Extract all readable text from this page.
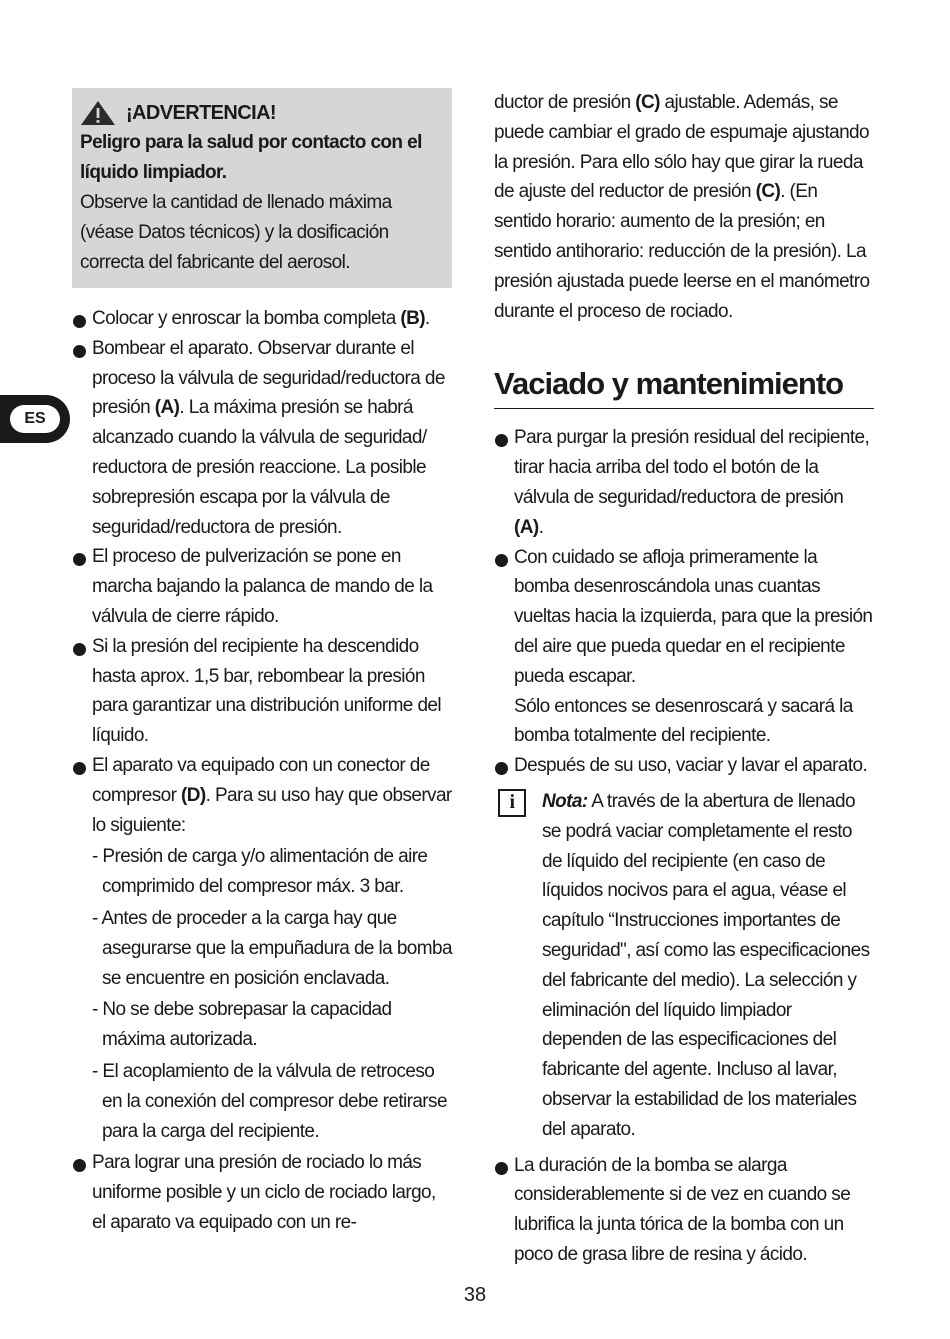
ES
¡ADVERTENCIA!
Peligro para la salud por contacto con el líquido limpiador.
Observe la cantidad de llenado máxima (véase Datos técnicos) y la dosificación correcta del fabricante del aerosol.
Colocar y enroscar la bomba completa (B).
Bombear el aparato. Observar durante el proceso la válvula de seguridad/reductora de presión (A). La máxima presión se habrá alcanzado cuando la válvula de seguridad/ reductora de presión reaccione. La posible sobrepresión escapa por la válvula de seguridad/reductora de presión.
El proceso de pulverización se pone en marcha bajando la palanca de mando de la válvula de cierre rápido.
Si la presión del recipiente ha descendido hasta aprox. 1,5 bar, rebombear la presión para garantizar una distribución uniforme del líquido.
El aparato va equipado con un conector de compresor (D). Para su uso hay que observar lo siguiente:
- Presión de carga y/o alimentación de aire comprimido del compresor máx. 3 bar.
- Antes de proceder a la carga hay que asegurarse que la empuñadura de la bomba se encuentre en posición enclavada.
- No se debe sobrepasar la capacidad máxima autorizada.
- El acoplamiento de la válvula de retroceso en la conexión del compresor debe retirarse para la carga del recipiente.
Para lograr una presión de rociado lo más uniforme posible y un ciclo de rociado largo, el aparato va equipado con un re-
ductor de presión (C) ajustable. Además, se puede cambiar el grado de espumaje ajustando la presión. Para ello sólo hay que girar la rueda de ajuste del reductor de presión (C). (En sentido horario: aumento de la presión; en sentido antihorario: reducción de la presión). La presión ajustada puede leerse en el manómetro durante el proceso de rociado.
Vaciado y mantenimiento
Para purgar la presión residual del recipiente, tirar hacia arriba del todo el botón de la válvula de seguridad/reductora de presión (A).
Con cuidado se afloja primeramente la bomba desenroscándola unas cuantas vueltas hacia la izquierda, para que la presión del aire que pueda quedar en el recipiente pueda escapar.
Sólo entonces se desenroscará y sacará la bomba totalmente del recipiente.
Después de su uso, vaciar y lavar el aparato.
i	Nota: A través de la abertura de llenado se podrá vaciar completamente el resto de líquido del recipiente (en caso de líquidos nocivos para el agua, véase el capítulo “Instrucciones importantes de seguridad", así como las especificaciones del fabricante del medio). La selección y eliminación del líquido limpiador dependen de las especificaciones del fabricante del agente. Incluso al lavar, observar la estabilidad de los materiales del aparato.
La duración de la bomba se alarga considerablemente si de vez en cuando se lubrifica la junta tórica de la bomba con un poco de grasa libre de resina y ácido.
38
